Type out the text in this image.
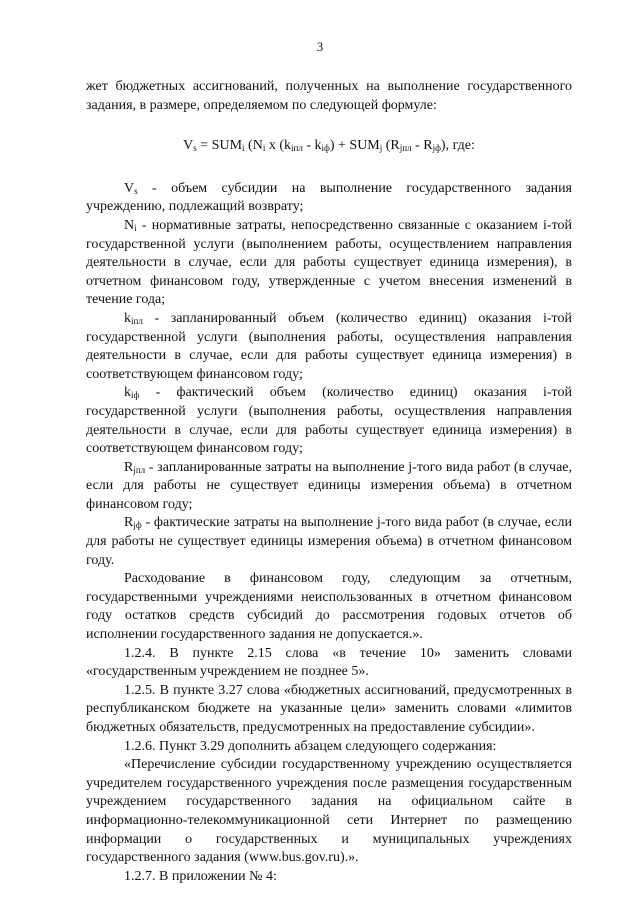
3

жет бюджетных ассигнований, полученных на выполнение государственного задания, в размере, определяемом по следующей формуле:

$V_s = SUM_i$ ($N_i$ x $(k_{iпл} - k_{iф}) + SUM_j$ $(R_{jпл} - R_{jф})$, где:

$V_s$ - объем субсидии на выполнение государственного задания учреждению, подлежащий возврату;

$N_i$ - нормативные затраты, непосредственно связанные с оказанием i-той государственной услуги (выполнением работы, осуществлением направления деятельности в случае, если для работы существует единица измерения), в отчетном финансовом году, утвержденные с учетом внесения изменений в течение года;

$k_{iпл}$ - запланированный объем (количество единиц) оказания i-той государственной услуги (выполнения работы, осуществления направления деятельности в случае, если для работы существует единица измерения) в соответствующем финансовом году;

$k_{iф}$ - фактический объем (количество единиц) оказания i-той государственной услуги (выполнения работы, осуществления направления деятельности в случае, если для работы существует единица измерения) в соответствующем финансовом году;

$R_{jпл}$ - запланированные затраты на выполнение j-того вида работ (в случае, если для работы не существует единицы измерения объема) в отчетном финансовом году;

$R_{jф}$ - фактические затраты на выполнение j-того вида работ (в случае, если для работы не существует единицы измерения объема) в отчетном финансовом году.

Расходование в финансовом году, следующим за отчетным, государственными учреждениями неиспользованных в отчетном финансовом году остатков средств субсидий до рассмотрения годовых отчетов об исполнении государственного задания не допускается.».

1.2.4. В пункте 2.15 слова «в течение 10» заменить словами «государственным учреждением не позднее 5».

1.2.5. В пункте 3.27 слова «бюджетных ассигнований, предусмотренных в республиканском бюджете на указанные цели» заменить словами «лимитов бюджетных обязательств, предусмотренных на предоставление субсидии».

1.2.6. Пункт 3.29 дополнить абзацем следующего содержания:

«Перечисление субсидии государственному учреждению осуществляется учредителем государственного учреждения после размещения государственным учреждением государственного задания на официальном сайте в информационно-телекоммуникационной сети Интернет по размещению информации о государственных и муниципальных учреждениях государственного задания (www.bus.gov.ru).».

1.2.7. В приложении № 4:
